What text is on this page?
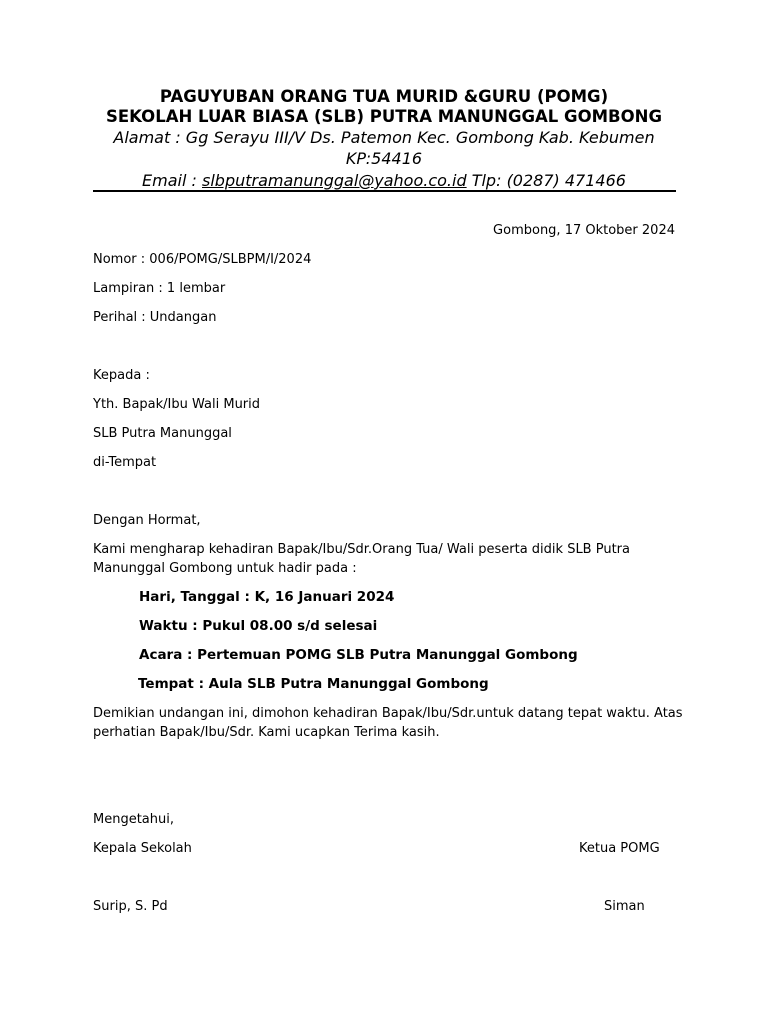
PAGUYUBAN ORANG TUA MURID &GURU (POMG)
SEKOLAH LUAR BIASA (SLB) PUTRA MANUNGGAL GOMBONG
Alamat : Gg Serayu III/V Ds. Patemon Kec. Gombong Kab. Kebumen
KP:54416
Email : slbputramanunggal@yahoo.co.id Tlp: (0287) 471466
Gombong, 17 Oktober 2024
Nomor : 006/POMG/SLBPM/I/2024
Lampiran : 1 lembar
Perihal : Undangan
Kepada :
Yth. Bapak/Ibu Wali Murid
SLB Putra Manunggal
di-Tempat
Dengan Hormat,
Kami mengharap kehadiran Bapak/Ibu/Sdr.Orang Tua/ Wali peserta didik SLB Putra
Manunggal Gombong untuk hadir pada :
Hari, Tanggal : K, 16 Januari 2024
Waktu : Pukul 08.00 s/d selesai
Acara : Pertemuan POMG SLB Putra Manunggal Gombong
Tempat : Aula SLB Putra Manunggal Gombong
Demikian undangan ini, dimohon kehadiran Bapak/Ibu/Sdr.untuk datang tepat waktu. Atas
perhatian Bapak/Ibu/Sdr. Kami ucapkan Terima kasih.
Mengetahui,
Kepala Sekolah	Ketua POMG
Surip, S. Pd	Siman
